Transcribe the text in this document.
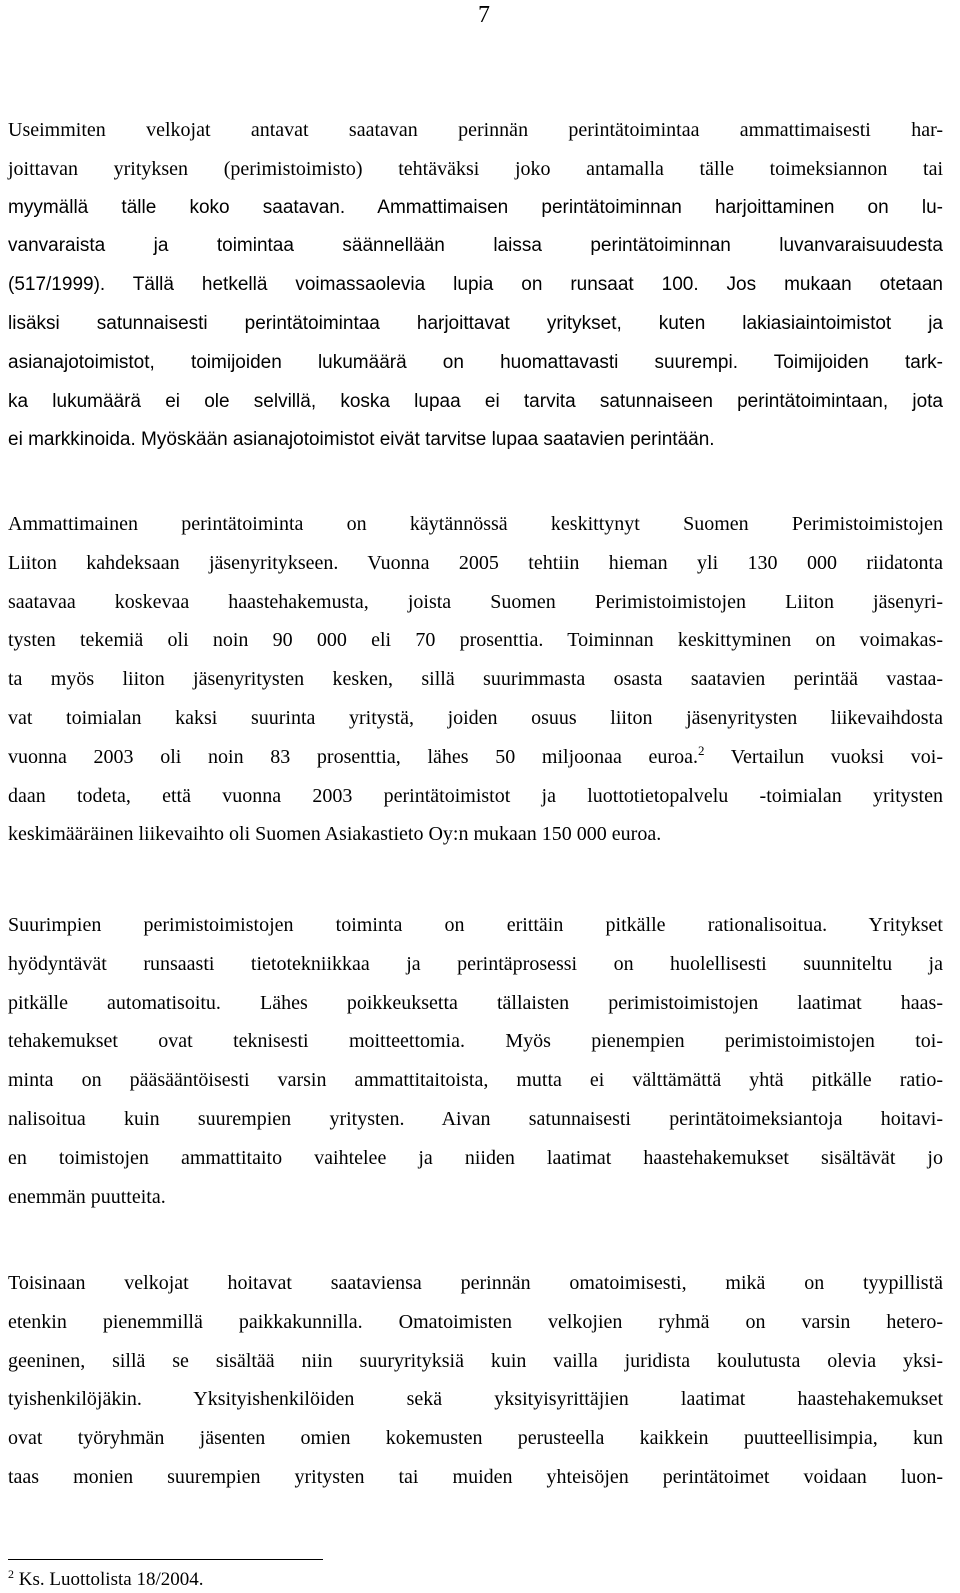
7
Useimmiten velkojat antavat saatavan perinnän perintätoimintaa ammattimaisesti har-
joittavan yrityksen (perimistoimisto) tehtäväksi joko antamalla tälle toimeksiannon tai
myymällä tälle koko saatavan. Ammattimaisen perintätoiminnan harjoittaminen on lu-
vanvaraista ja toimintaa säännellään laissa perintätoiminnan luvanvaraisuudesta
(517/1999). Tällä hetkellä voimassaolevia lupia on runsaat 100. Jos mukaan otetaan
lisäksi satunnaisesti perintätoimintaa harjoittavat yritykset, kuten lakiasiaintoimistot ja
asianajotoimistot, toimijoiden lukumäärä on huomattavasti suurempi. Toimijoiden tark-
ka lukumäärä ei ole selvillä, koska lupaa ei tarvita satunnaiseen perintätoimintaan, jota
ei markkinoida. Myöskään asianajotoimistot eivät tarvitse lupaa saatavien perintään.
Ammattimainen perintätoiminta on käytännössä keskittynyt Suomen Perimistoimistojen
Liiton kahdeksaan jäsenyritykseen. Vuonna 2005 tehtiin hieman yli 130 000 riidatonta
saatavaa koskevaa haastehakemusta, joista Suomen Perimistoimistojen Liiton jäsenyri-
tysten tekemiä oli noin 90 000 eli 70 prosenttia. Toiminnan keskittyminen on voimakas-
ta myös liiton jäsenyritysten kesken, sillä suurimmasta osasta saatavien perintää vastaa-
vat toimialan kaksi suurinta yritystä, joiden osuus liiton jäsenyritysten liikevaihdosta
vuonna 2003 oli noin 83 prosenttia, lähes 50 miljoonaa euroa.$^2$ Vertailun vuoksi voi-
daan todeta, että vuonna 2003 perintätoimistot ja luottotietopalvelu -toimialan yritysten
keskimääräinen liikevaihto oli Suomen Asiakastieto Oy:n mukaan 150 000 euroa.
Suurimpien perimistoimistojen toiminta on erittäin pitkälle rationalisoitua. Yritykset
hyödyntävät runsaasti tietotekniikkaa ja perintäprosessi on huolellisesti suunniteltu ja
pitkälle automatisoitu. Lähes poikkeuksetta tällaisten perimistoimistojen laatimat haas-
tehakemukset ovat teknisesti moitteettomia. Myös pienempien perimistoimistojen toi-
minta on pääsääntöisesti varsin ammattitaitoista, mutta ei välttämättä yhtä pitkälle ratio-
nalisoitua kuin suurempien yritysten. Aivan satunnaisesti perintätoimeksiantoja hoitavi-
en toimistojen ammattitaito vaihtelee ja niiden laatimat haastehakemukset sisältävät jo
enemmän puutteita.
Toisinaan velkojat hoitavat saataviensa perinnän omatoimisesti, mikä on tyypillistä
etenkin pienemmillä paikkakunnilla. Omatoimisten velkojien ryhmä on varsin hetero-
geeninen, sillä se sisältää niin suuryrityksiä kuin vailla juridista koulutusta olevia yksi-
tyishenkilöjäkin. Yksityishenkilöiden sekä yksityisyrittäjien laatimat haastehakemukset
ovat työryhmän jäsenten omien kokemusten perusteella kaikkein puutteellisimpia, kun
taas monien suurempien yritysten tai muiden yhteisöjen perintätoimet voidaan luon-
$^2$ Ks. Luottolista 18/2004.
